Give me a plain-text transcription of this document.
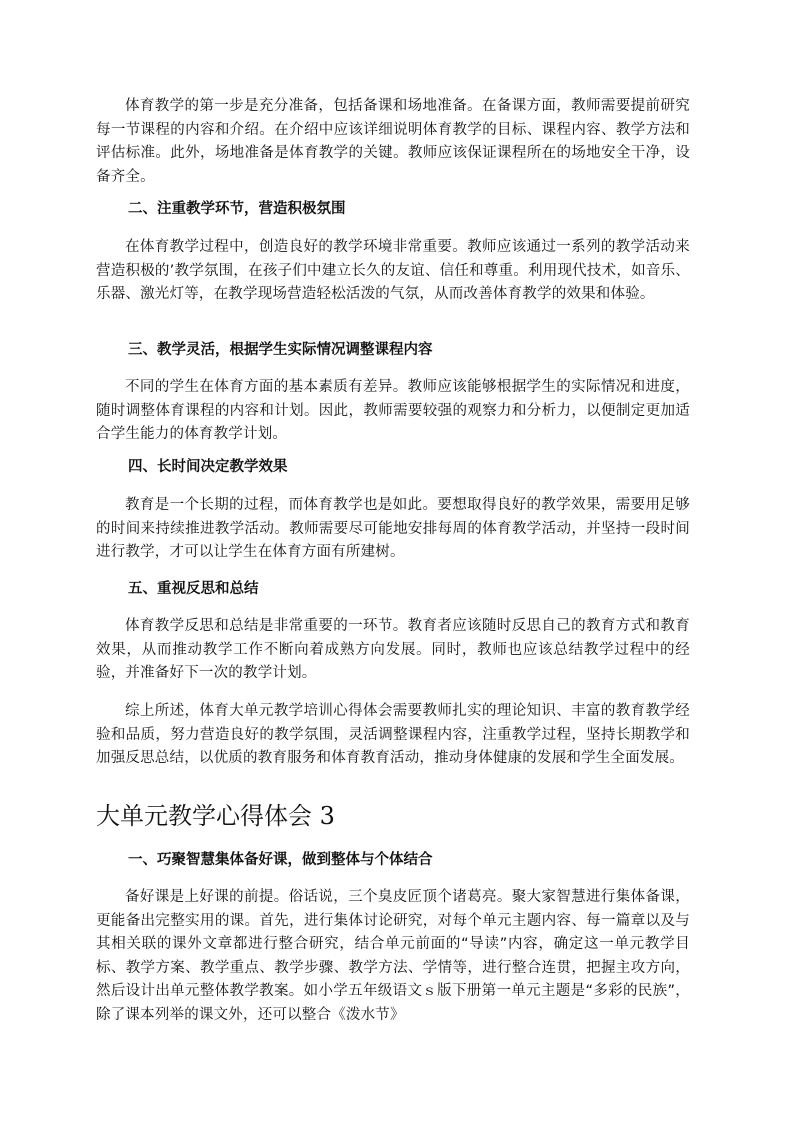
体育教学的第一步是充分准备，包括备课和场地准备。在备课方面，教师需要提前研究每一节课程的内容和介绍。在介绍中应该详细说明体育教学的目标、课程内容、教学方法和评估标准。此外，场地准备是体育教学的关键。教师应该保证课程所在的场地安全干净，设备齐全。

二、注重教学环节，营造积极氛围

在体育教学过程中，创造良好的教学环境非常重要。教师应该通过一系列的教学活动来营造积极的’教学氛围，在孩子们中建立长久的友谊、信任和尊重。利用现代技术，如音乐、乐器、激光灯等，在教学现场营造轻松活泼的气氛，从而改善体育教学的效果和体验。

三、教学灵活，根据学生实际情况调整课程内容

不同的学生在体育方面的基本素质有差异。教师应该能够根据学生的实际情况和进度，随时调整体育课程的内容和计划。因此，教师需要较强的观察力和分析力，以便制定更加适合学生能力的体育教学计划。

四、长时间决定教学效果

教育是一个长期的过程，而体育教学也是如此。要想取得良好的教学效果，需要用足够的时间来持续推进教学活动。教师需要尽可能地安排每周的体育教学活动，并坚持一段时间进行教学，才可以让学生在体育方面有所建树。

五、重视反思和总结

体育教学反思和总结是非常重要的一环节。教育者应该随时反思自己的教育方式和教育效果，从而推动教学工作不断向着成熟方向发展。同时，教师也应该总结教学过程中的经验，并准备好下一次的教学计划。

综上所述，体育大单元教学培训心得体会需要教师扎实的理论知识、丰富的教育教学经验和品质，努力营造良好的教学氛围，灵活调整课程内容，注重教学过程，坚持长期教学和加强反思总结，以优质的教育服务和体育教育活动，推动身体健康的发展和学生全面发展。

大单元教学心得体会 3
一、巧聚智慧集体备好课，做到整体与个体结合

备好课是上好课的前提。俗话说，三个臭皮匠顶个诸葛亮。聚大家智慧进行集体备课，更能备出完整实用的课。首先，进行集体讨论研究，对每个单元主题内容、每一篇章以及与其相关联的课外文章都进行整合研究，结合单元前面的“导读”内容，确定这一单元教学目标、教学方案、教学重点、教学步骤、教学方法、学情等，进行整合连贯，把握主攻方向，然后设计出单元整体教学教案。如小学五年级语文ｓ版下册第一单元主题是“多彩的民族”，除了课本列举的课文外，还可以整合《泼水节》
